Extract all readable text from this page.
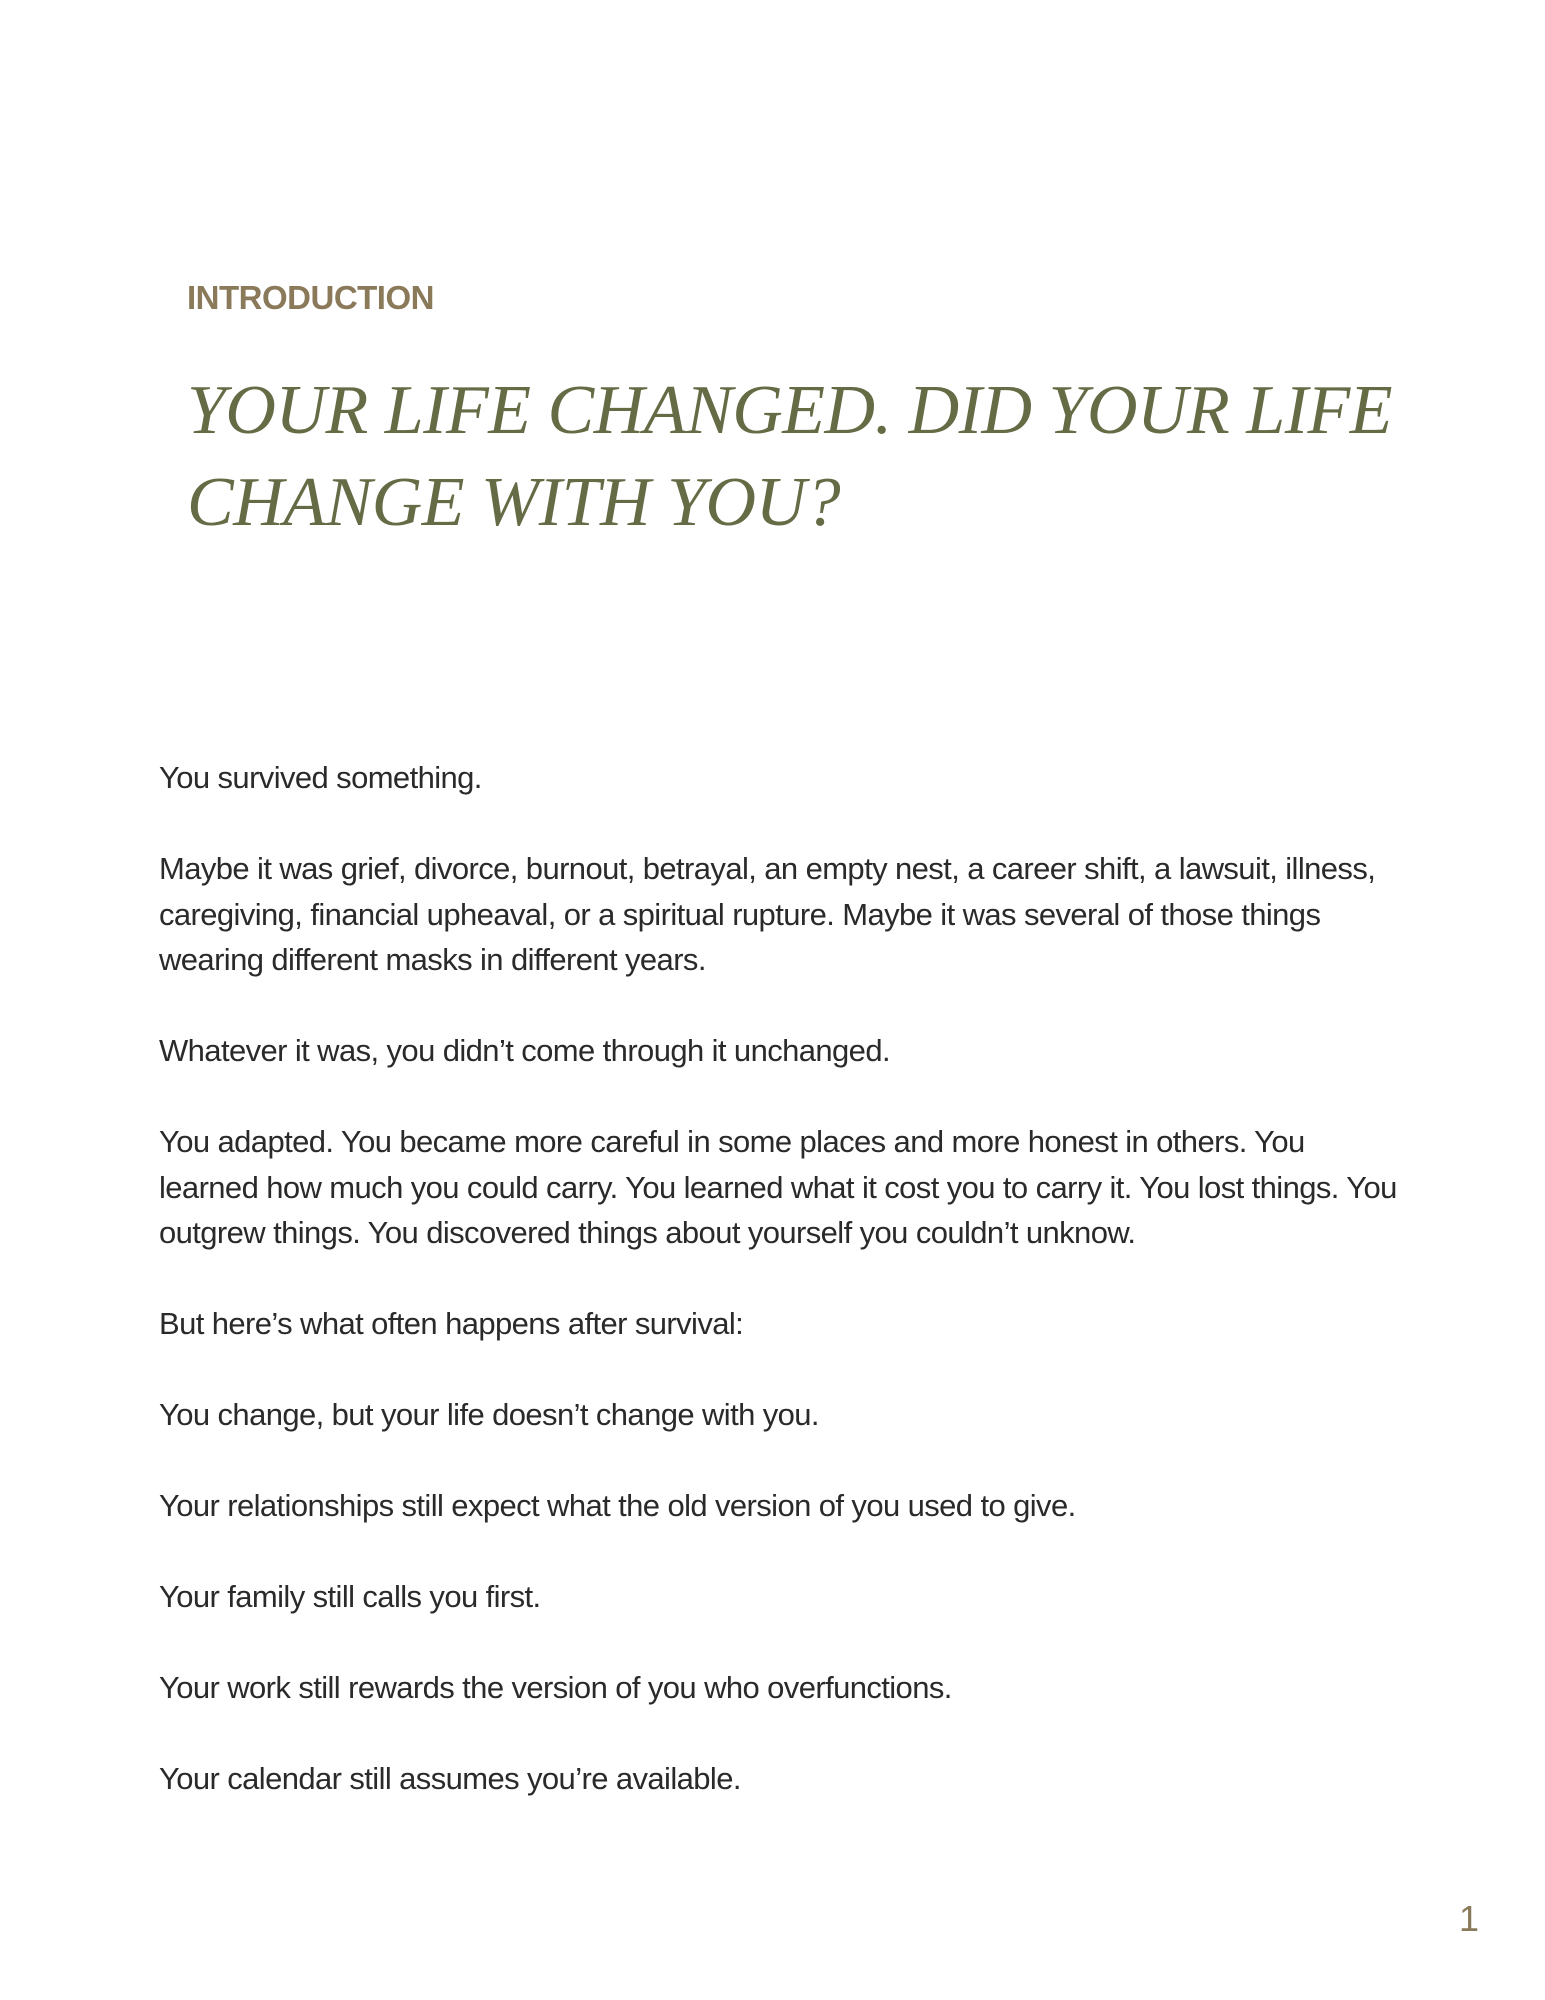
INTRODUCTION
YOUR LIFE CHANGED. DID YOUR LIFE CHANGE WITH YOU?

You survived something.

Maybe it was grief, divorce, burnout, betrayal, an empty nest, a career shift, a lawsuit, illness, caregiving, financial upheaval, or a spiritual rupture. Maybe it was several of those things wearing different masks in different years.

Whatever it was, you didn’t come through it unchanged.

You adapted. You became more careful in some places and more honest in others. You learned how much you could carry. You learned what it cost you to carry it. You lost things. You outgrew things. You discovered things about yourself you couldn’t unknow.

But here’s what often happens after survival:

You change, but your life doesn’t change with you.

Your relationships still expect what the old version of you used to give.

Your family still calls you first.

Your work still rewards the version of you who overfunctions.

Your calendar still assumes you’re available.

1
